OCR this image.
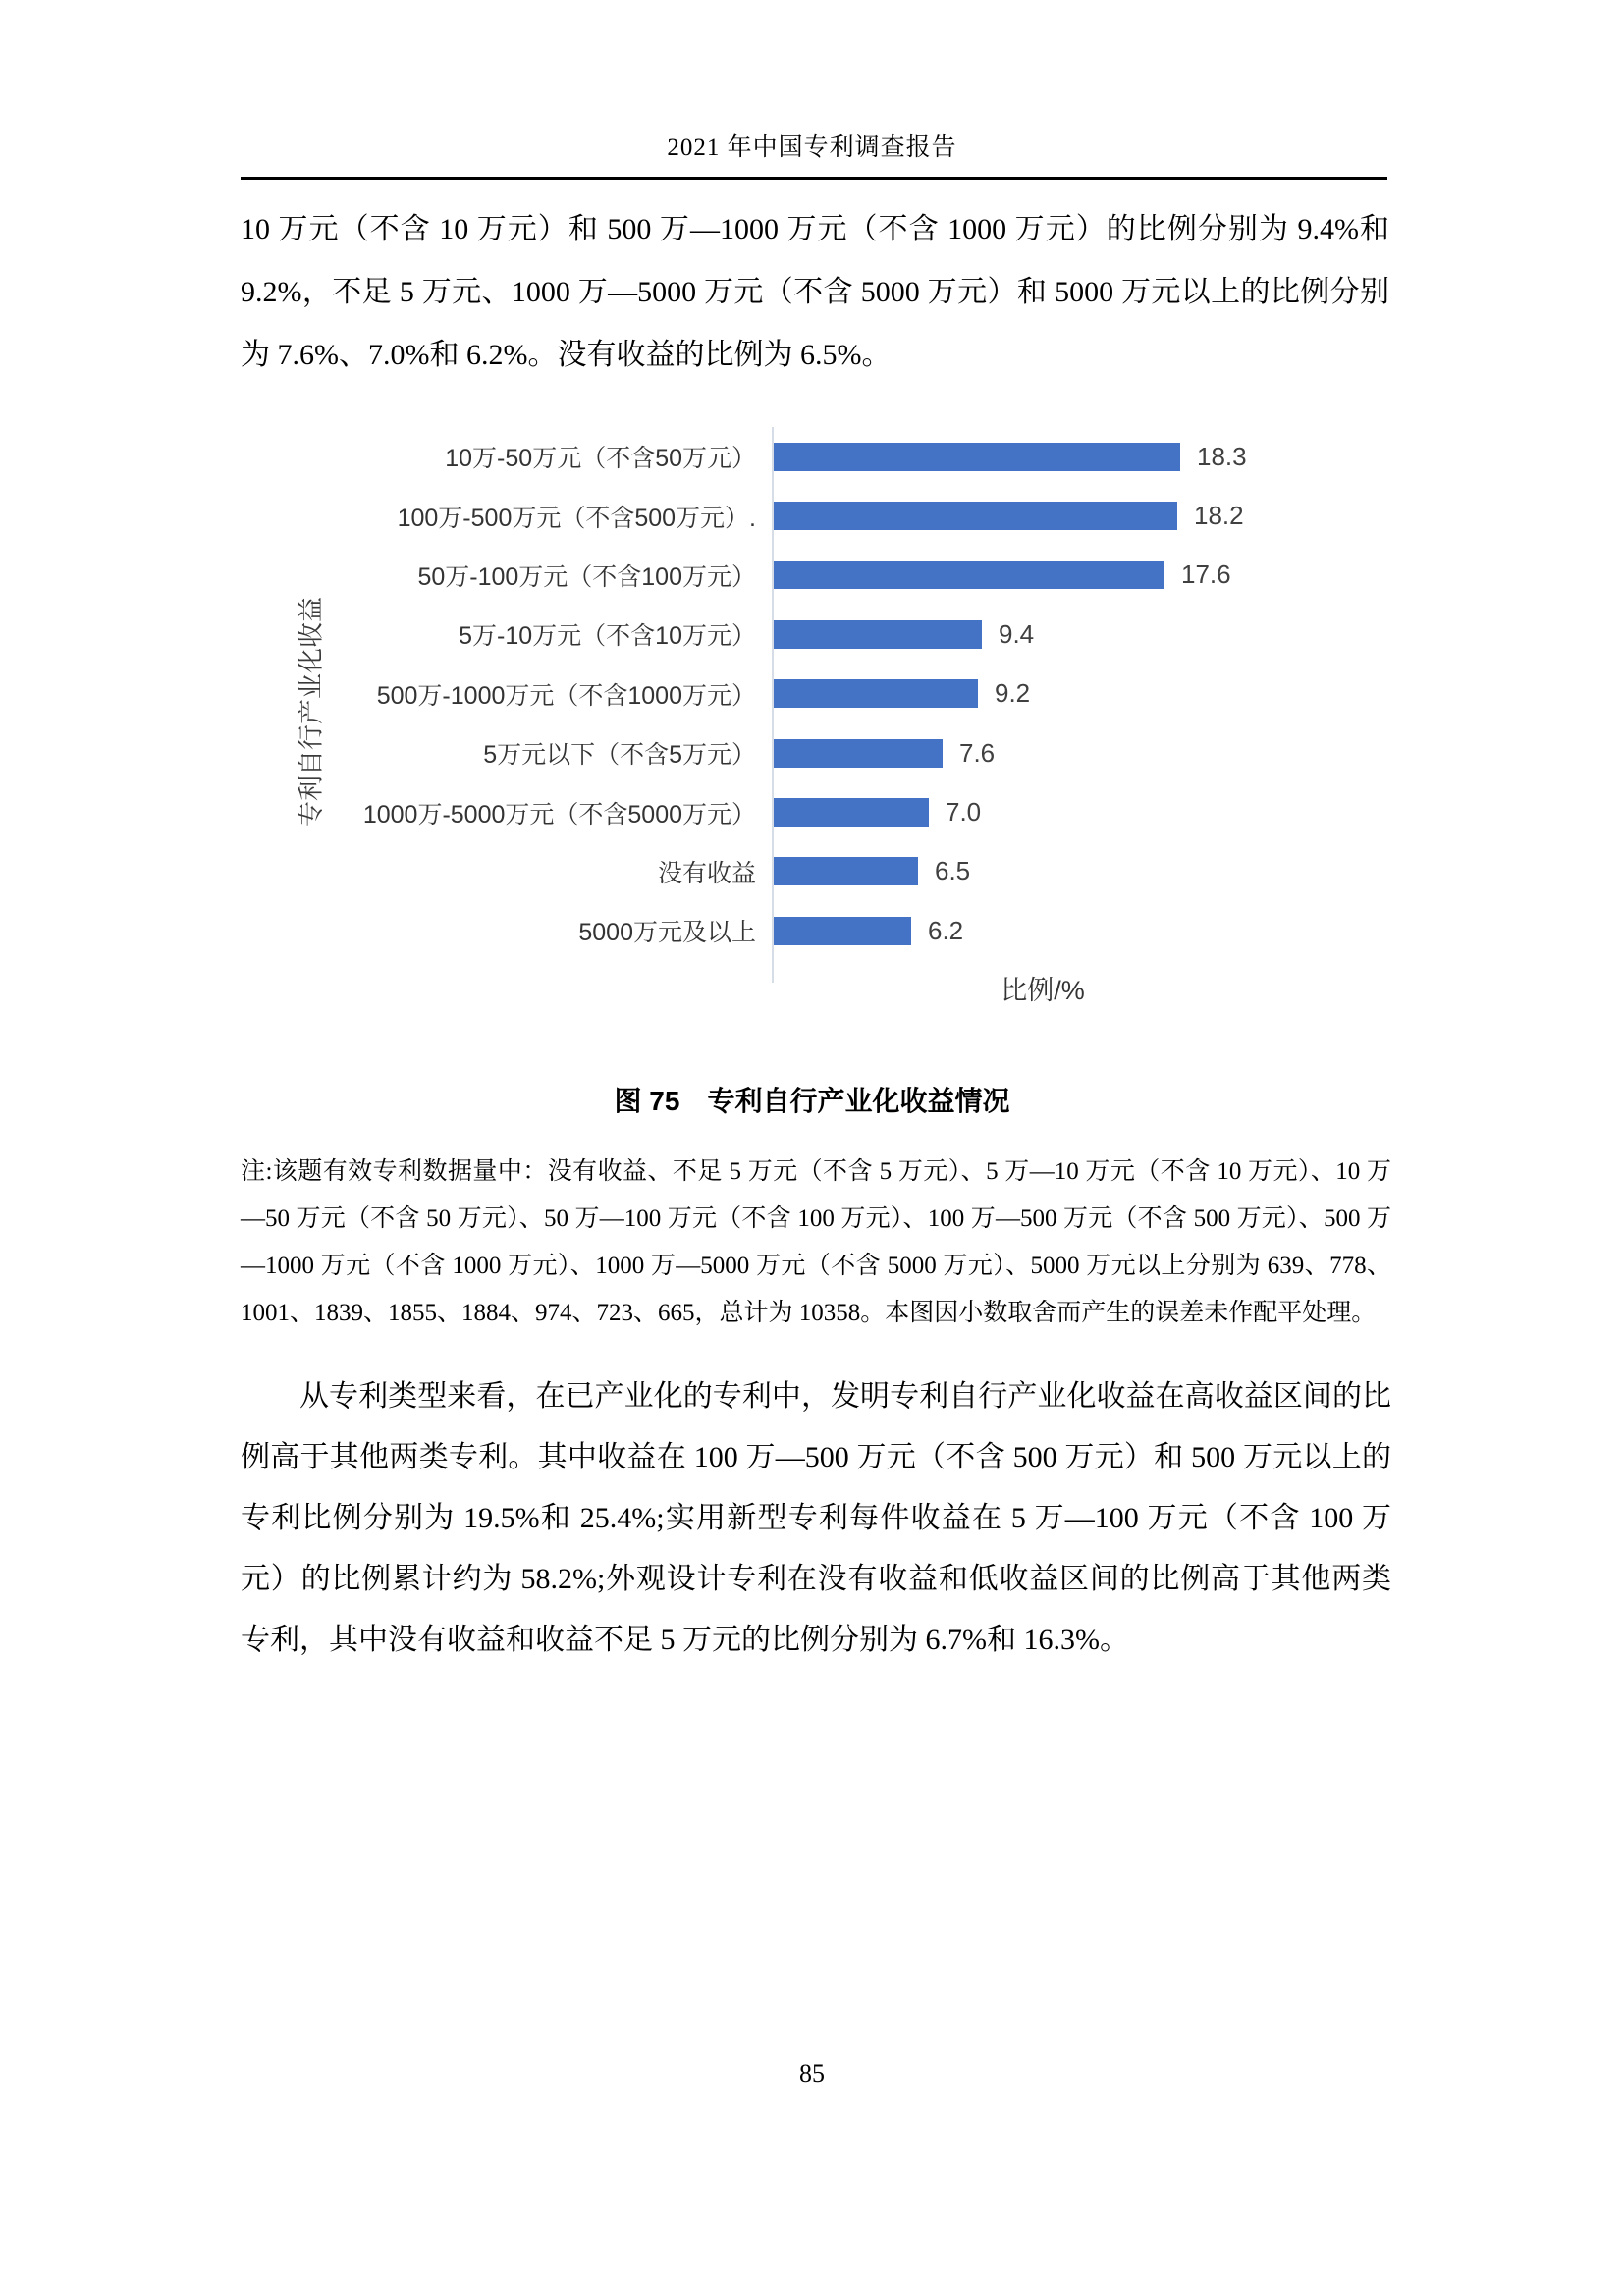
2021 年中国专利调查报告
10 万元（不含 10 万元）和 500 万—1000 万元（不含 1000 万元）的比例分别为 9.4%和 9.2%，不足 5 万元、1000 万—5000 万元（不含 5000 万元）和 5000 万元以上的比例分别为 7.6%、7.0%和 6.2%。没有收益的比例为 6.5%。
专利自行产业化收益
10万-50万元（不含50万元）	18.3
100万-500万元（不含500万元）.	18.2
50万-100万元（不含100万元）	17.6
5万-10万元（不含10万元）	9.4
500万-1000万元（不含1000万元）	9.2
5万元以下（不含5万元）	7.6
1000万-5000万元（不含5000万元）	7.0
没有收益	6.5
5000万元及以上	6.2
比例/%
图 75　专利自行产业化收益情况
注:该题有效专利数据量中：没有收益、不足 5 万元（不含 5 万元）、5 万—10 万元（不含 10 万元）、10 万—50 万元（不含 50 万元）、50 万—100 万元（不含 100 万元）、100 万—500 万元（不含 500 万元）、500 万—1000 万元（不含 1000 万元）、1000 万—5000 万元（不含 5000 万元）、5000 万元以上分别为 639、778、1001、1839、1855、1884、974、723、665，总计为 10358。本图因小数取舍而产生的误差未作配平处理。
从专利类型来看，在已产业化的专利中，发明专利自行产业化收益在高收益区间的比例高于其他两类专利。其中收益在 100 万—500 万元（不含 500 万元）和 500 万元以上的专利比例分别为 19.5%和 25.4%;实用新型专利每件收益在 5 万—100 万元（不含 100 万元）的比例累计约为 58.2%;外观设计专利在没有收益和低收益区间的比例高于其他两类专利，其中没有收益和收益不足 5 万元的比例分别为 6.7%和 16.3%。
85
